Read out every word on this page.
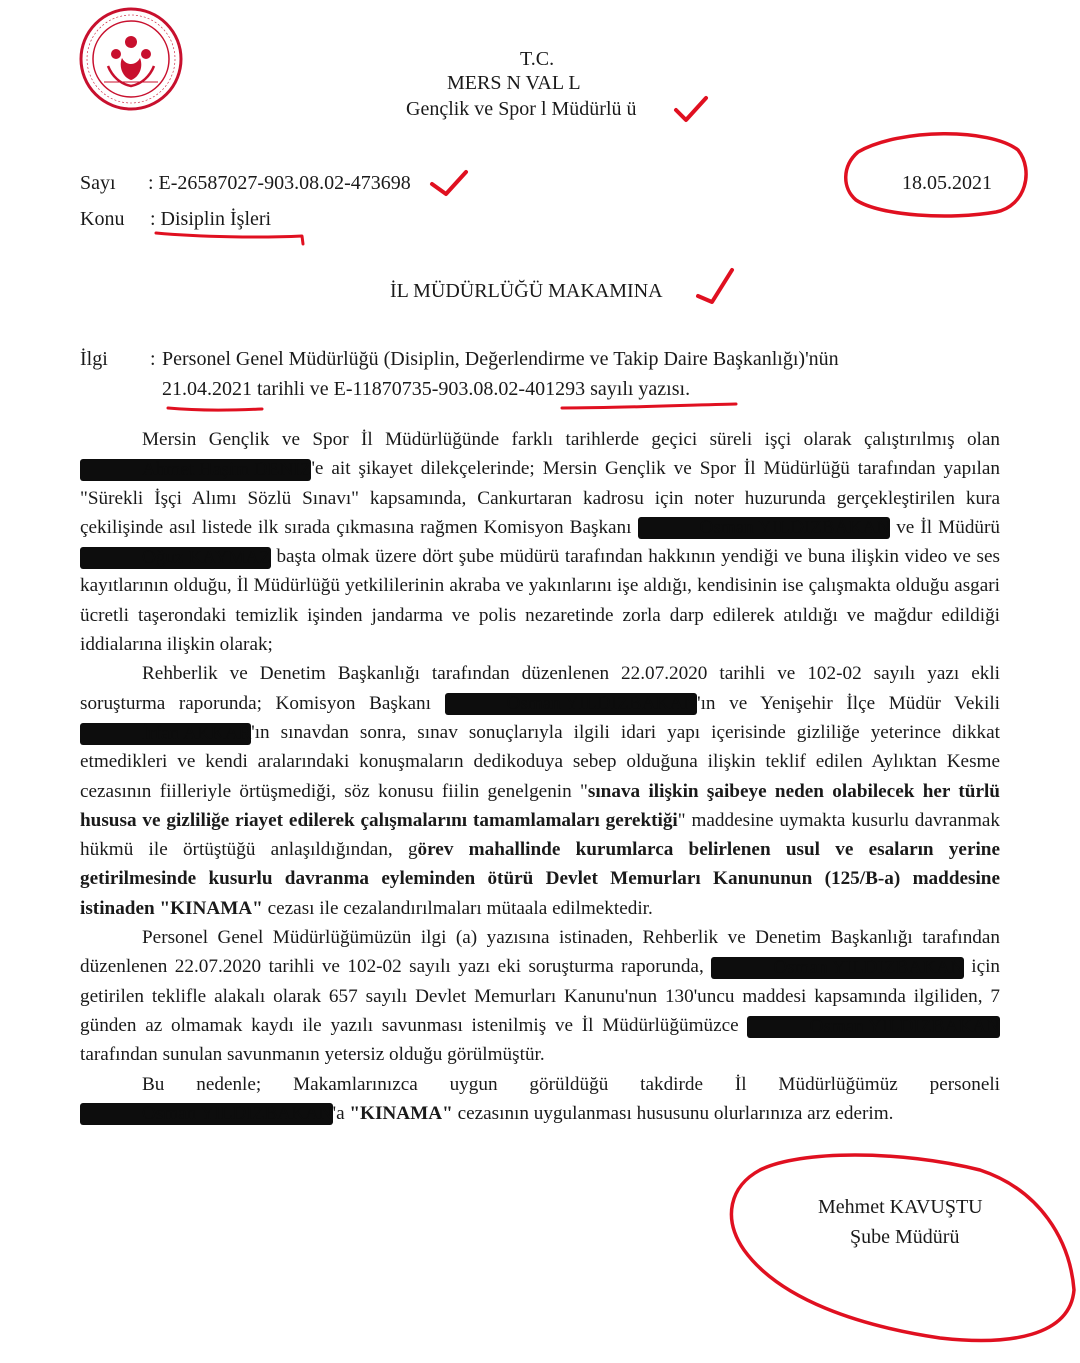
T.C.
MERS N VAL L
Gençlik ve Spor l Müdürlü ü
Sayı : E-26587027-903.08.02-473698
Konu : Disiplin İşleri
18.05.2021
İL MÜDÜRLÜĞÜ MAKAMINA
İlgi : Personel Genel Müdürlüğü (Disiplin, Değerlendirme ve Takip Daire Başkanlığı)'nün
21.04.2021 tarihli ve E-11870735-903.08.02-401293 sayılı yazısı.

Mersin Gençlik ve Spor İl Müdürlüğünde farklı tarihlerde geçici süreli işçi olarak çalıştırılmış olan Ahmet Haşim DENİZ'e ait şikayet dilekçelerinde; Mersin Gençlik ve Spor İl Müdürlüğü tarafından yapılan "Sürekli İşçi Alımı Sözlü Sınavı" kapsamında, Cankurtaran kadrosu için noter huzurunda gerçekleştirilen kura çekilişinde asıl listede ilk sırada çıkmasına rağmen Komisyon Başkanı	Osman YILDIZBAKAN ve İl Müdürü Oğuz KAYMAZ başta olmak üzere dört şube müdürü tarafından hakkının yendiği ve buna ilişkin video ve ses kayıtlarının olduğu, İl Müdürlüğü yetkililerinin akraba ve yakınlarını işe aldığı, kendisinin ise çalışmakta olduğu asgari ücretli taşerondaki temizlik işinden jandarma ve polis nezaretinde zorla darp edilerek atıldığı ve mağdur edildiği iddialarına ilişkin olarak;

Rehberlik ve Denetim Başkanlığı tarafından düzenlenen 22.07.2020 tarihli ve 102-02 sayılı yazı ekli soruşturma raporunda; Komisyon Başkanı	Osman YILDIZBAKAN'ın ve Yenişehir İlçe Müdür Vekili İrfan AKKAR'ın sınavdan sonra, sınav sonuçlarıyla ilgili idari yapı içerisinde gizliliğe yeterince dikkat etmedikleri ve kendi aralarındaki konuşmaların dedikoduya sebep olduğuna ilişkin teklif edilen Aylıktan Kesme cezasının fiilleriyle örtüşmediği, söz konusu fiilin genelgenin "sınava ilişkin şaibeye neden olabilecek her türlü hususa ve gizliliğe riayet edilerek çalışmalarını tamamlamaları gerektiği" maddesine uymakta kusurlu davranmak hükmü ile örtüştüğü anlaşıldığından, görev mahallinde kurumlarca belirlenen usul ve esaların yerine getirilmesinde kusurlu davranma eyleminden ötürü Devlet Memurları Kanununun (125/B-a) maddesine istinaden "KINAMA" cezası ile cezalandırılmaları mütaala edilmektedir.

Personel Genel Müdürlüğümüzün ilgi (a) yazısına istinaden, Rehberlik ve Denetim Başkanlığı tarafından düzenlenen 22.07.2020 tarihli ve 102-02 sayılı yazı eki soruşturma raporunda,	Osman YILDIZBAKAN için getirilen teklifle alakalı olarak 657 sayılı Devlet Memurları Kanunu'nun 130'uncu maddesi kapsamında ilgiliden, 7 günden az olmamak kaydı ile yazılı savunması istenilmiş ve İl Müdürlüğümüzce	Osman YILDIZBAKAN tarafından sunulan savunmanın yetersiz olduğu görülmüştür.

Bu nedenle; Makamlarınızca uygun görüldüğü takdirde İl Müdürlüğümüz personeli Osman YILDIZBAKAN'a "KINAMA" cezasının uygulanması hususunu olurlarınıza arz ederim.

Mehmet KAVUŞTU
Şube Müdürü
